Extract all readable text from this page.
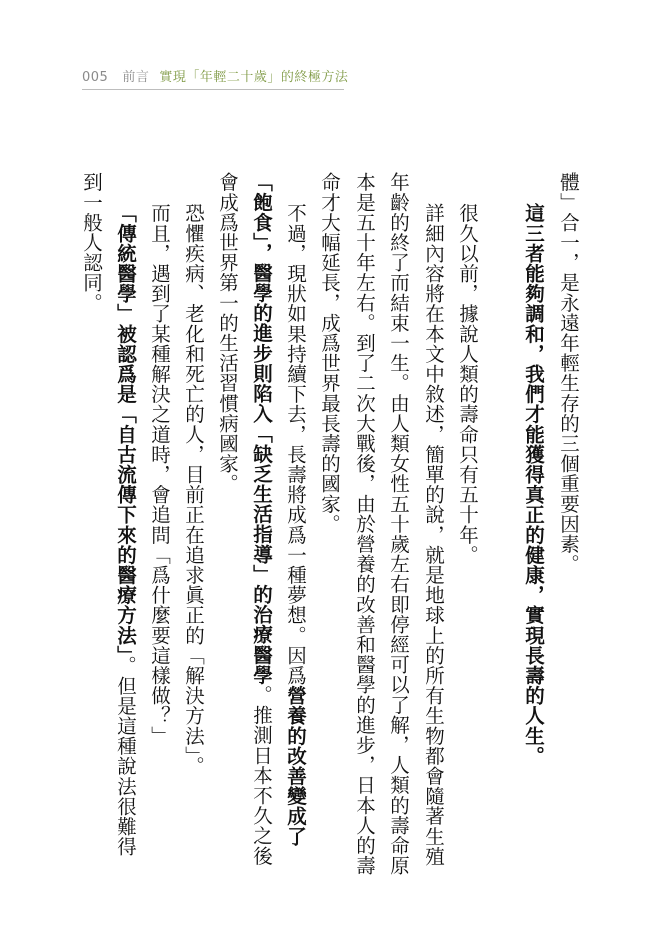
005 前言 實現「年輕二十歲」的終極方法
體」合一，是永遠年輕生存的三個重要因素。
這三者能夠調和，我們才能獲得真正的健康，實現長壽的人生。
很久以前，據說人類的壽命只有五十年。
詳細內容將在本文中敘述，簡單的說，就是地球上的所有生物都會隨著生殖
年齡的終了而結束一生。由人類女性五十歲左右即停經可以了解，人類的壽命原
本是五十年左右。到了二次大戰後，由於營養的改善和醫學的進步，日本人的壽
命才大幅延長，成爲世界最長壽的國家。
不過，現狀如果持續下去，長壽將成爲一種夢想。因爲營養的改善變成了
「飽食」，醫學的進步則陷入「缺乏生活指導」的治療醫學。推測日本不久之後
會成爲世界第一的生活習慣病國家。
恐懼疾病、老化和死亡的人，目前正在追求眞正的「解決方法」。
而且，遇到了某種解決之道時，會追問「爲什麼要這樣做？」
「傳統醫學」被認爲是「自古流傳下來的醫療方法」。但是這種說法很難得
到一般人認同。
